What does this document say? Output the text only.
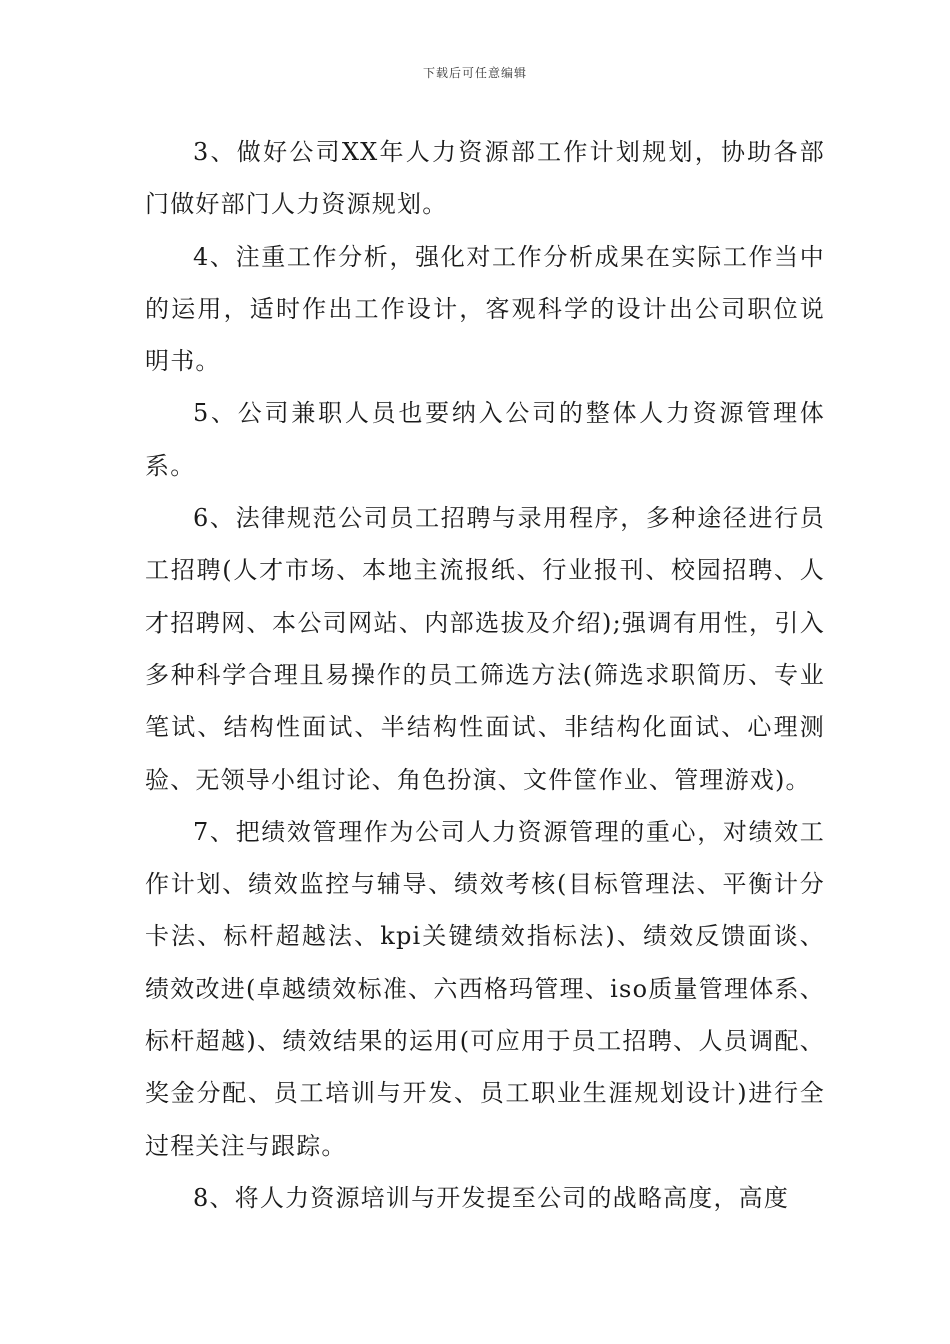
下载后可任意编辑

3、做好公司XX年人力资源部工作计划规划，协助各部门做好部门人力资源规划。

4、注重工作分析，强化对工作分析成果在实际工作当中的运用，适时作出工作设计，客观科学的设计出公司职位说明书。

5、公司兼职人员也要纳入公司的整体人力资源管理体系。

6、法律规范公司员工招聘与录用程序，多种途径进行员工招聘(人才市场、本地主流报纸、行业报刊、校园招聘、人才招聘网、本公司网站、内部选拔及介绍);强调有用性，引入多种科学合理且易操作的员工筛选方法(筛选求职简历、专业笔试、结构性面试、半结构性面试、非结构化面试、心理测验、无领导小组讨论、角色扮演、文件筐作业、管理游戏)。

7、把绩效管理作为公司人力资源管理的重心，对绩效工作计划、绩效监控与辅导、绩效考核(目标管理法、平衡计分卡法、标杆超越法、kpi关键绩效指标法)、绩效反馈面谈、绩效改进(卓越绩效标准、六西格玛管理、iso质量管理体系、标杆超越)、绩效结果的运用(可应用于员工招聘、人员调配、奖金分配、员工培训与开发、员工职业生涯规划设计)进行全过程关注与跟踪。

8、将人力资源培训与开发提至公司的战略高度，高度
